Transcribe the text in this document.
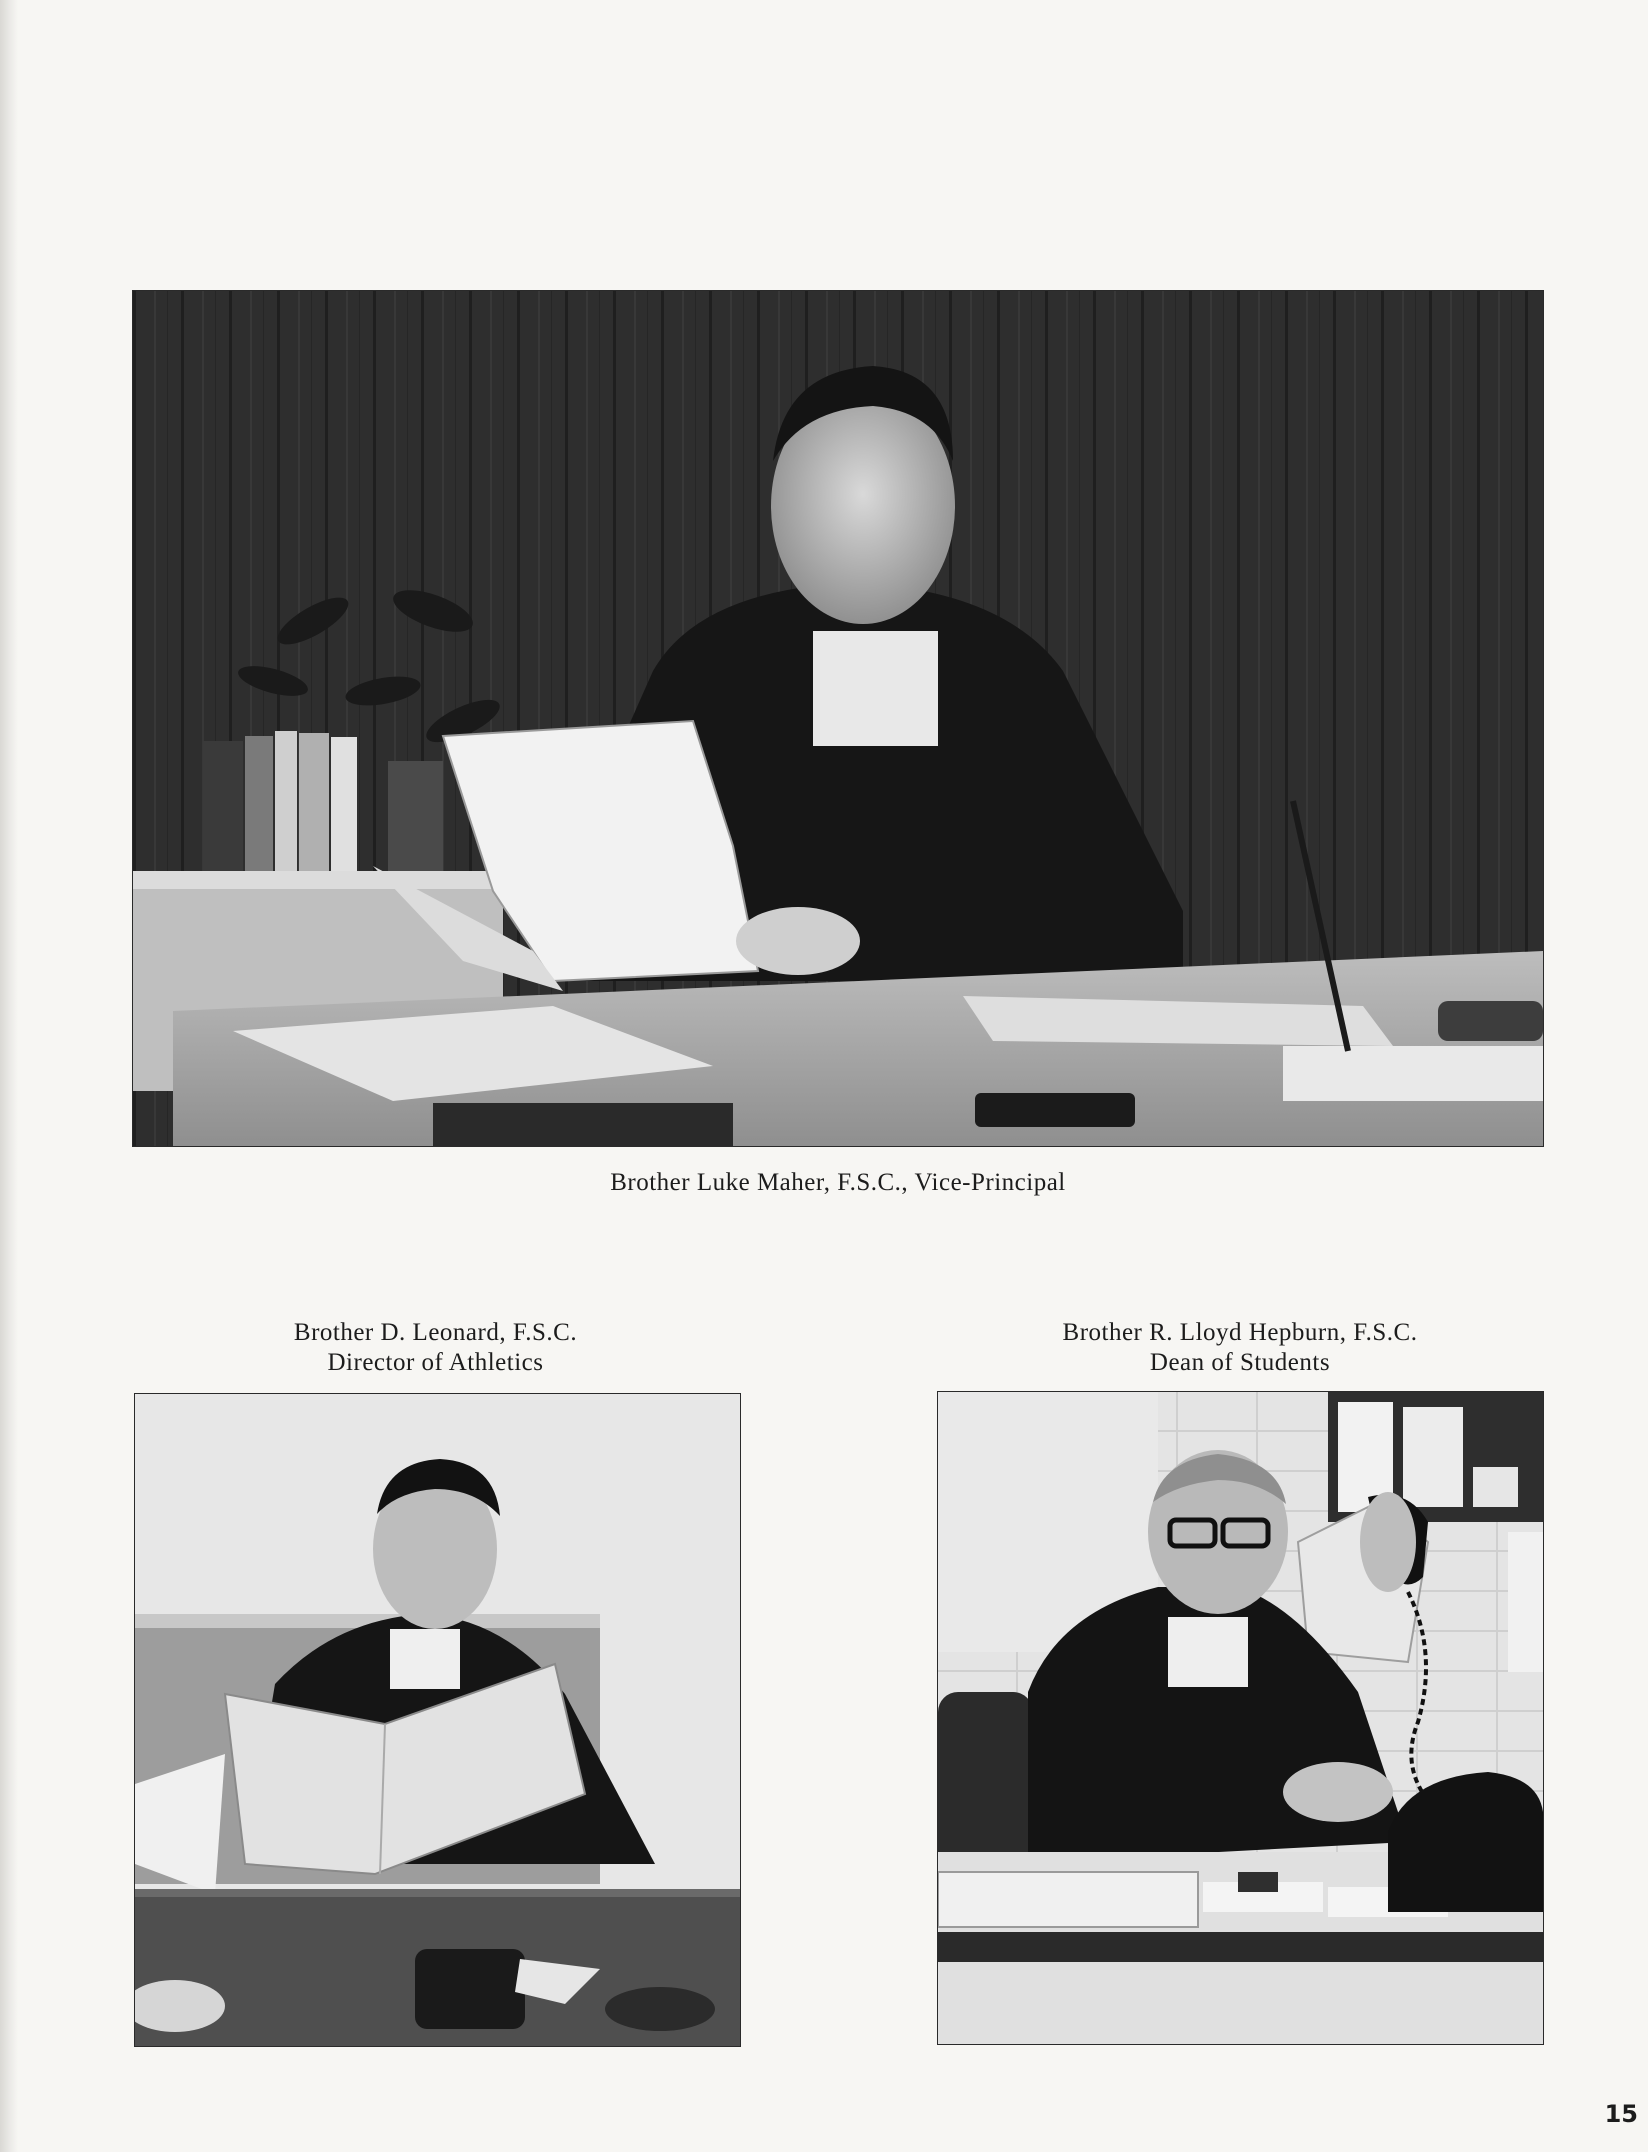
Brother Luke Maher, F.S.C., Vice-Principal
Brother D. Leonard, F.S.C.
Director of Athletics
Brother R. Lloyd Hepburn, F.S.C.
Dean of Students
15
